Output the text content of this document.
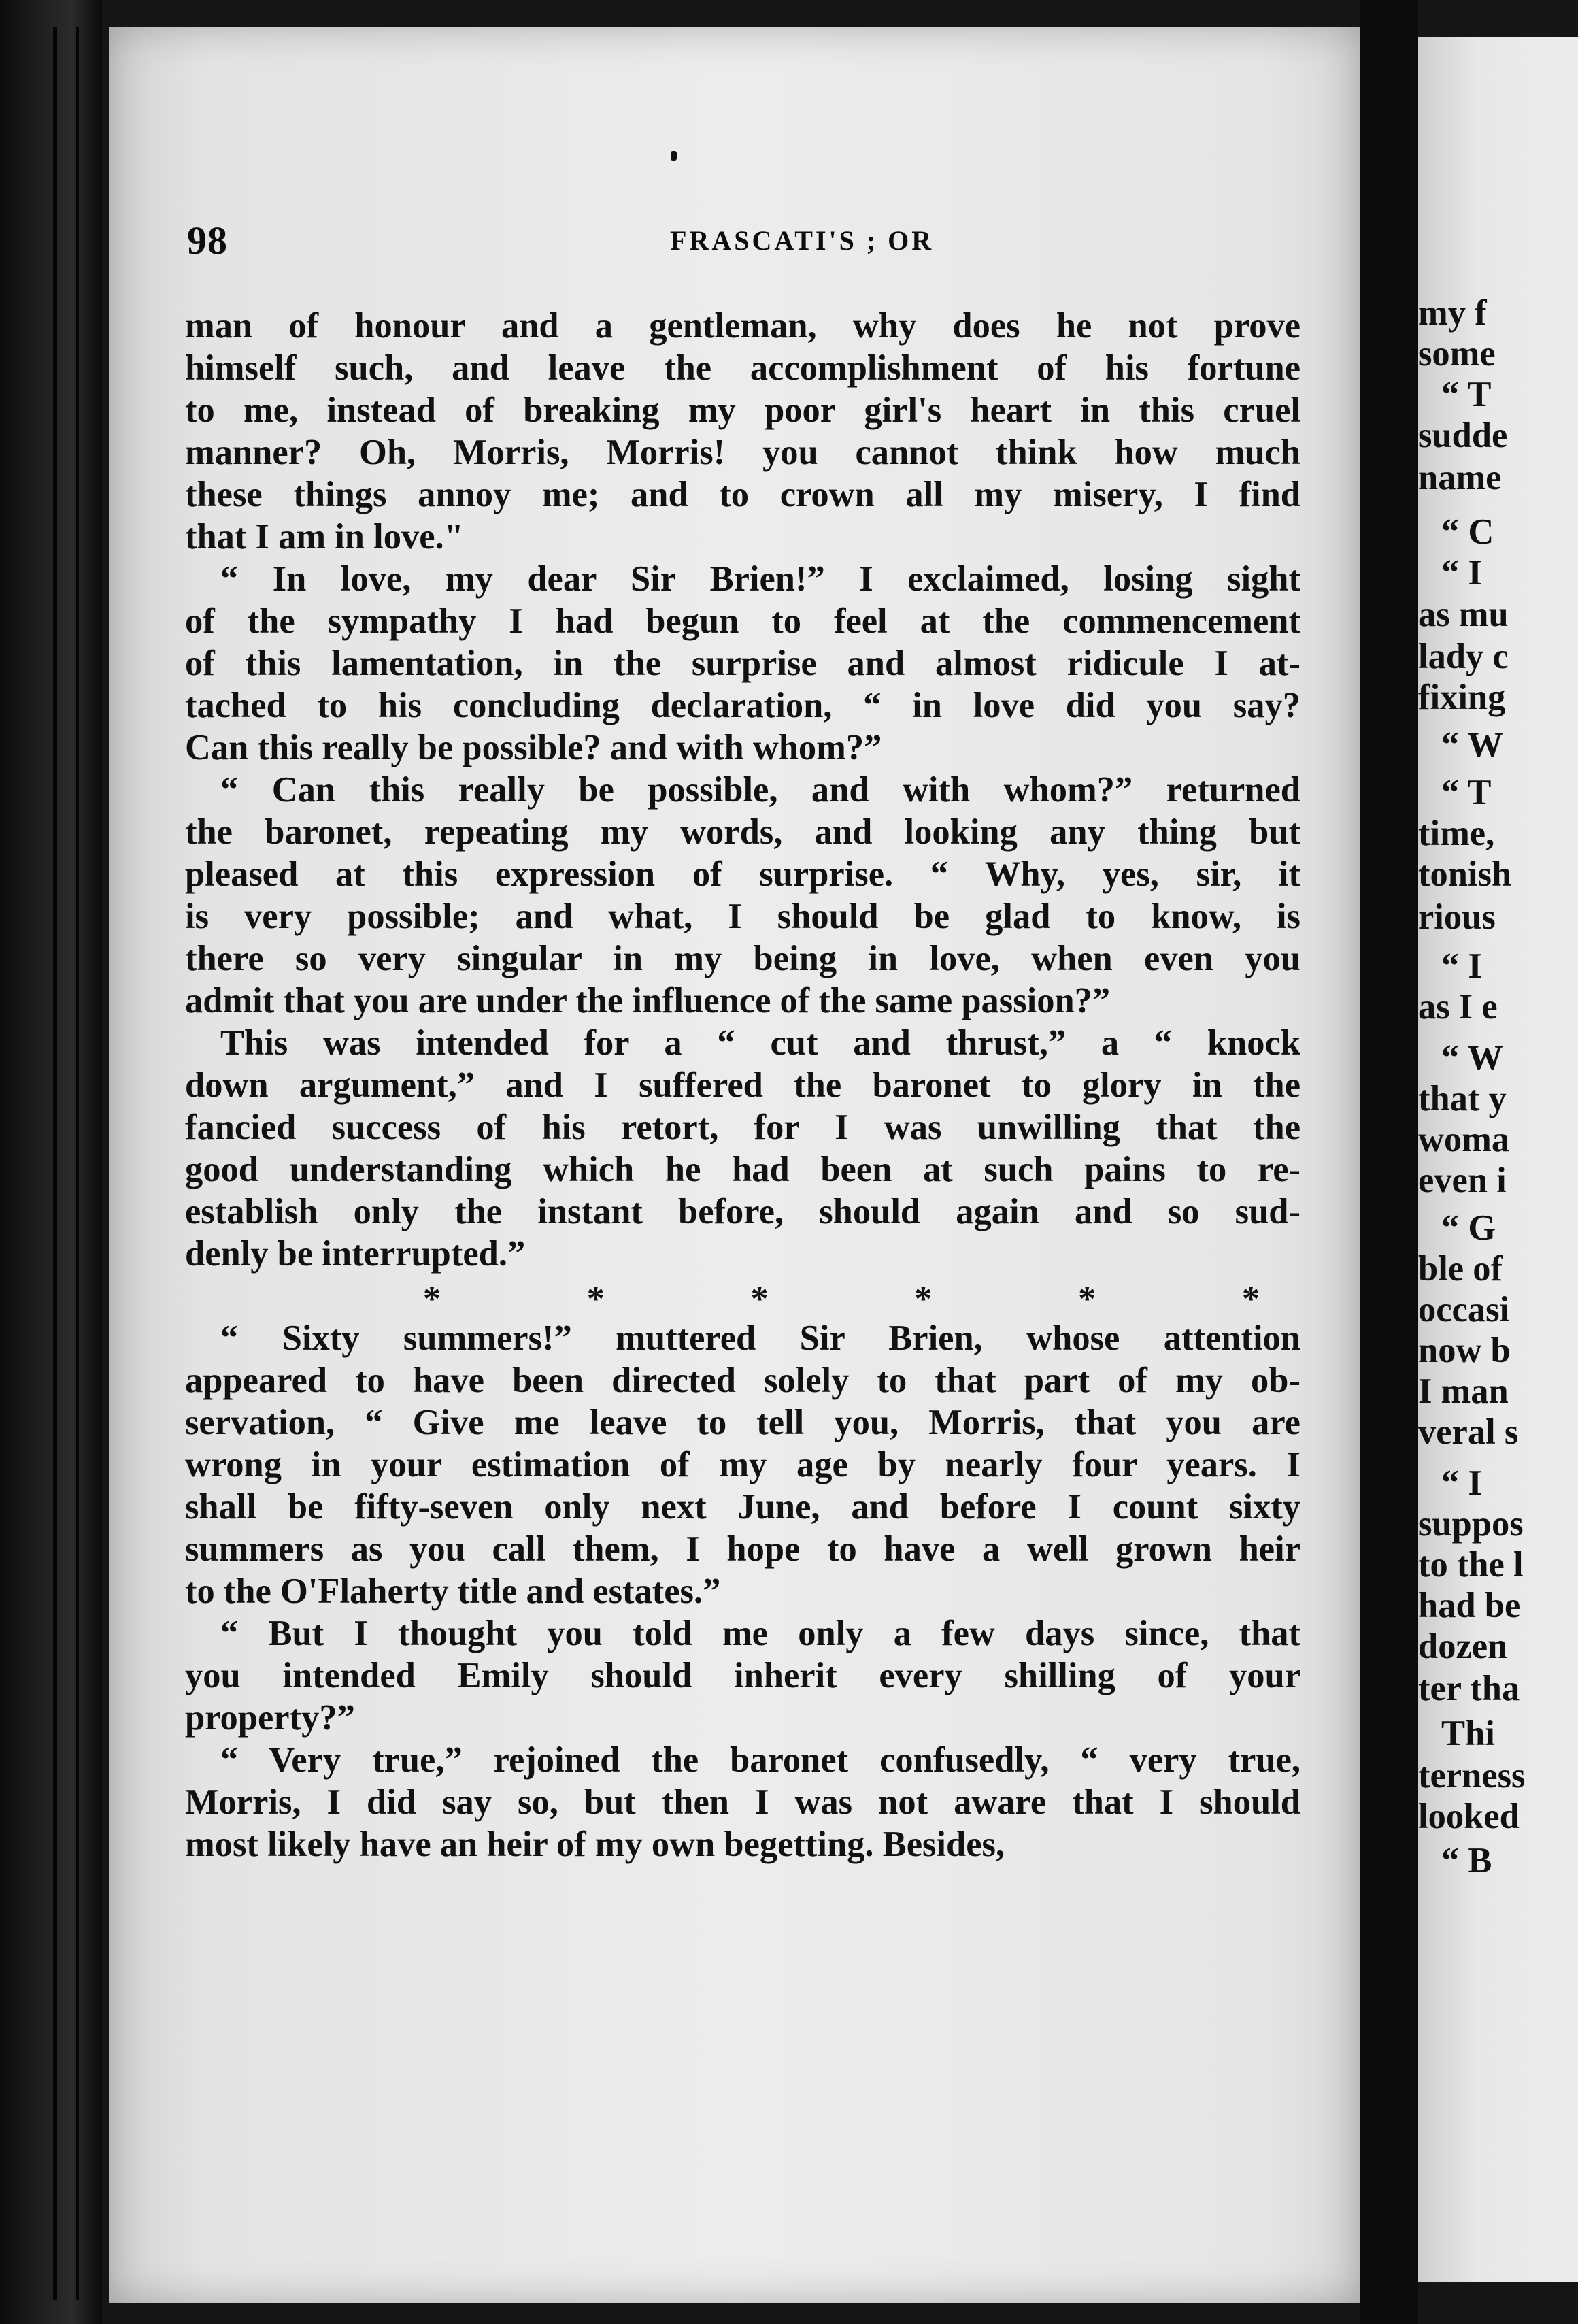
my f
some
“ T
sudde
name
“ C
“ I
as mu
lady c
fixing
“ W
“ T
time,
tonish
rious
“ I
as I e
“ W
that y
woma
even i
“ G
ble of
occasi
now b
I man
veral s
“ I
suppos
to the l
had be
dozen
ter tha
Thi
terness
looked
“ B
98	FRASCATI'S ; OR
man of honour and a gentleman, why does he not prove
himself such, and leave the accomplishment of his fortune
to me, instead of breaking my poor girl's heart in this cruel
manner? Oh, Morris, Morris! you cannot think how much
these things annoy me; and to crown all my misery, I find
that I am in love."
“ In love, my dear Sir Brien!” I exclaimed, losing sight
of the sympathy I had begun to feel at the commencement
of this lamentation, in the surprise and almost ridicule I at-
tached to his concluding declaration, “ in love did you say?
Can this really be possible? and with whom?”
“ Can this really be possible, and with whom?” returned
the baronet, repeating my words, and looking any thing but
pleased at this expression of surprise. “ Why, yes, sir, it
is very possible; and what, I should be glad to know, is
there so very singular in my being in love, when even you
admit that you are under the influence of the same passion?”
This was intended for a “ cut and thrust,” a “ knock
down argument,” and I suffered the baronet to glory in the
fancied success of his retort, for I was unwilling that the
good understanding which he had been at such pains to re-
establish only the instant before, should again and so sud-
denly be interrupted.”
*	*	*	*	*	*
“ Sixty summers!” muttered Sir Brien, whose attention
appeared to have been directed solely to that part of my ob-
servation, “ Give me leave to tell you, Morris, that you are
wrong in your estimation of my age by nearly four years. I
shall be fifty-seven only next June, and before I count sixty
summers as you call them, I hope to have a well grown heir
to the O'Flaherty title and estates.”
“ But I thought you told me only a few days since, that
you intended Emily should inherit every shilling of your
property?”
“ Very true,” rejoined the baronet confusedly, “ very true,
Morris, I did say so, but then I was not aware that I should
most likely have an heir of my own begetting. Besides,
